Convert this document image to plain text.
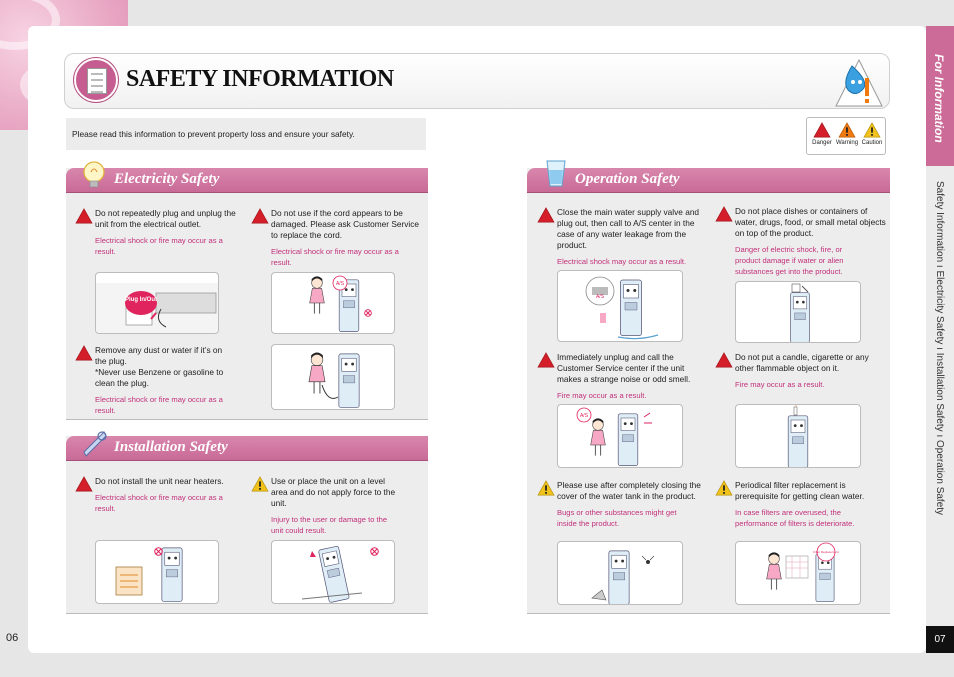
For Information
Safety Information ı Electricity Safety ı Installation Safety ı Operation Safety
07
06
SAFETY INFORMATION
Please read this information to prevent property loss and ensure your safety.
Danger Warning Caution
Electricity Safety
Do not repeatedly plug and unplug the unit from the electrical outlet.
Electrical shock or fire may occur as a result.
Plug In/Out
Do not use if the cord appears to be damaged. Please ask Customer Service to replace the cord.
Electrical shock or fire may occur as a result.
A/S
Remove any dust or water if it’s on the plug.
*Never use Benzene or gasoline to clean the plug.
Electrical shock or fire may occur as a result.
Installation Safety
Do not install the unit near heaters.
Electrical shock or fire may occur as a result.
Use or place the unit on a level area and do not apply force to the unit.
Injury to the user or damage to the unit could result.
Operation Safety
Close the main water supply valve and plug out, then call to A/S center in the case of any water leakage from the product.
Electrical shock may occur as a result.
A/S
Do not place dishes or containers of water, drugs, food, or small metal objects on top of the product.
Danger of electric shock, fire, or product damage if water or alien substances get into the product.
Immediately unplug and call the Customer Service center if the unit makes a strange noise or odd smell.
Fire may occur as a result.
A/S
Do not put a candle, cigarette or any other flammable object on it.
Fire may occur as a result.
Please use after completely closing the cover of the water tank in the product.
Bugs or other substances might get inside the product.
Periodical filter replacement is prerequisite for getting clean water.
In case filters are overused, the performance of filters is deteriorate.
Filter Replacement
